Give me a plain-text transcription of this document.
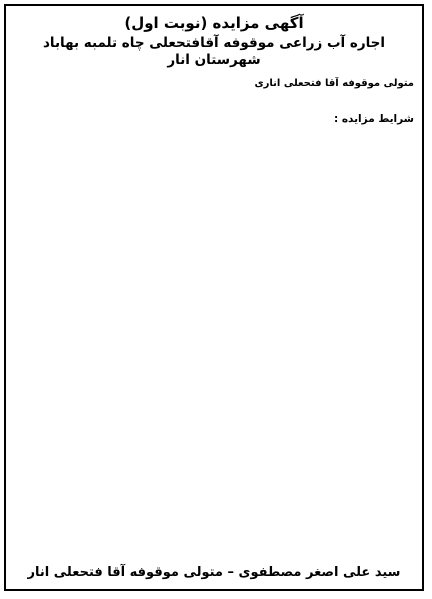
آگهی مزایده (نوبت اول)
اجاره آب زراعی موقوفه آقافتحعلی چاه تلمبه بهاباد شهرستان انار
متولی موقوفه آقا فتحعلی اناری
شرایط مزایده :
سید علی اصغر مصطفوی – متولی موقوفه آقا فتحعلی انار
